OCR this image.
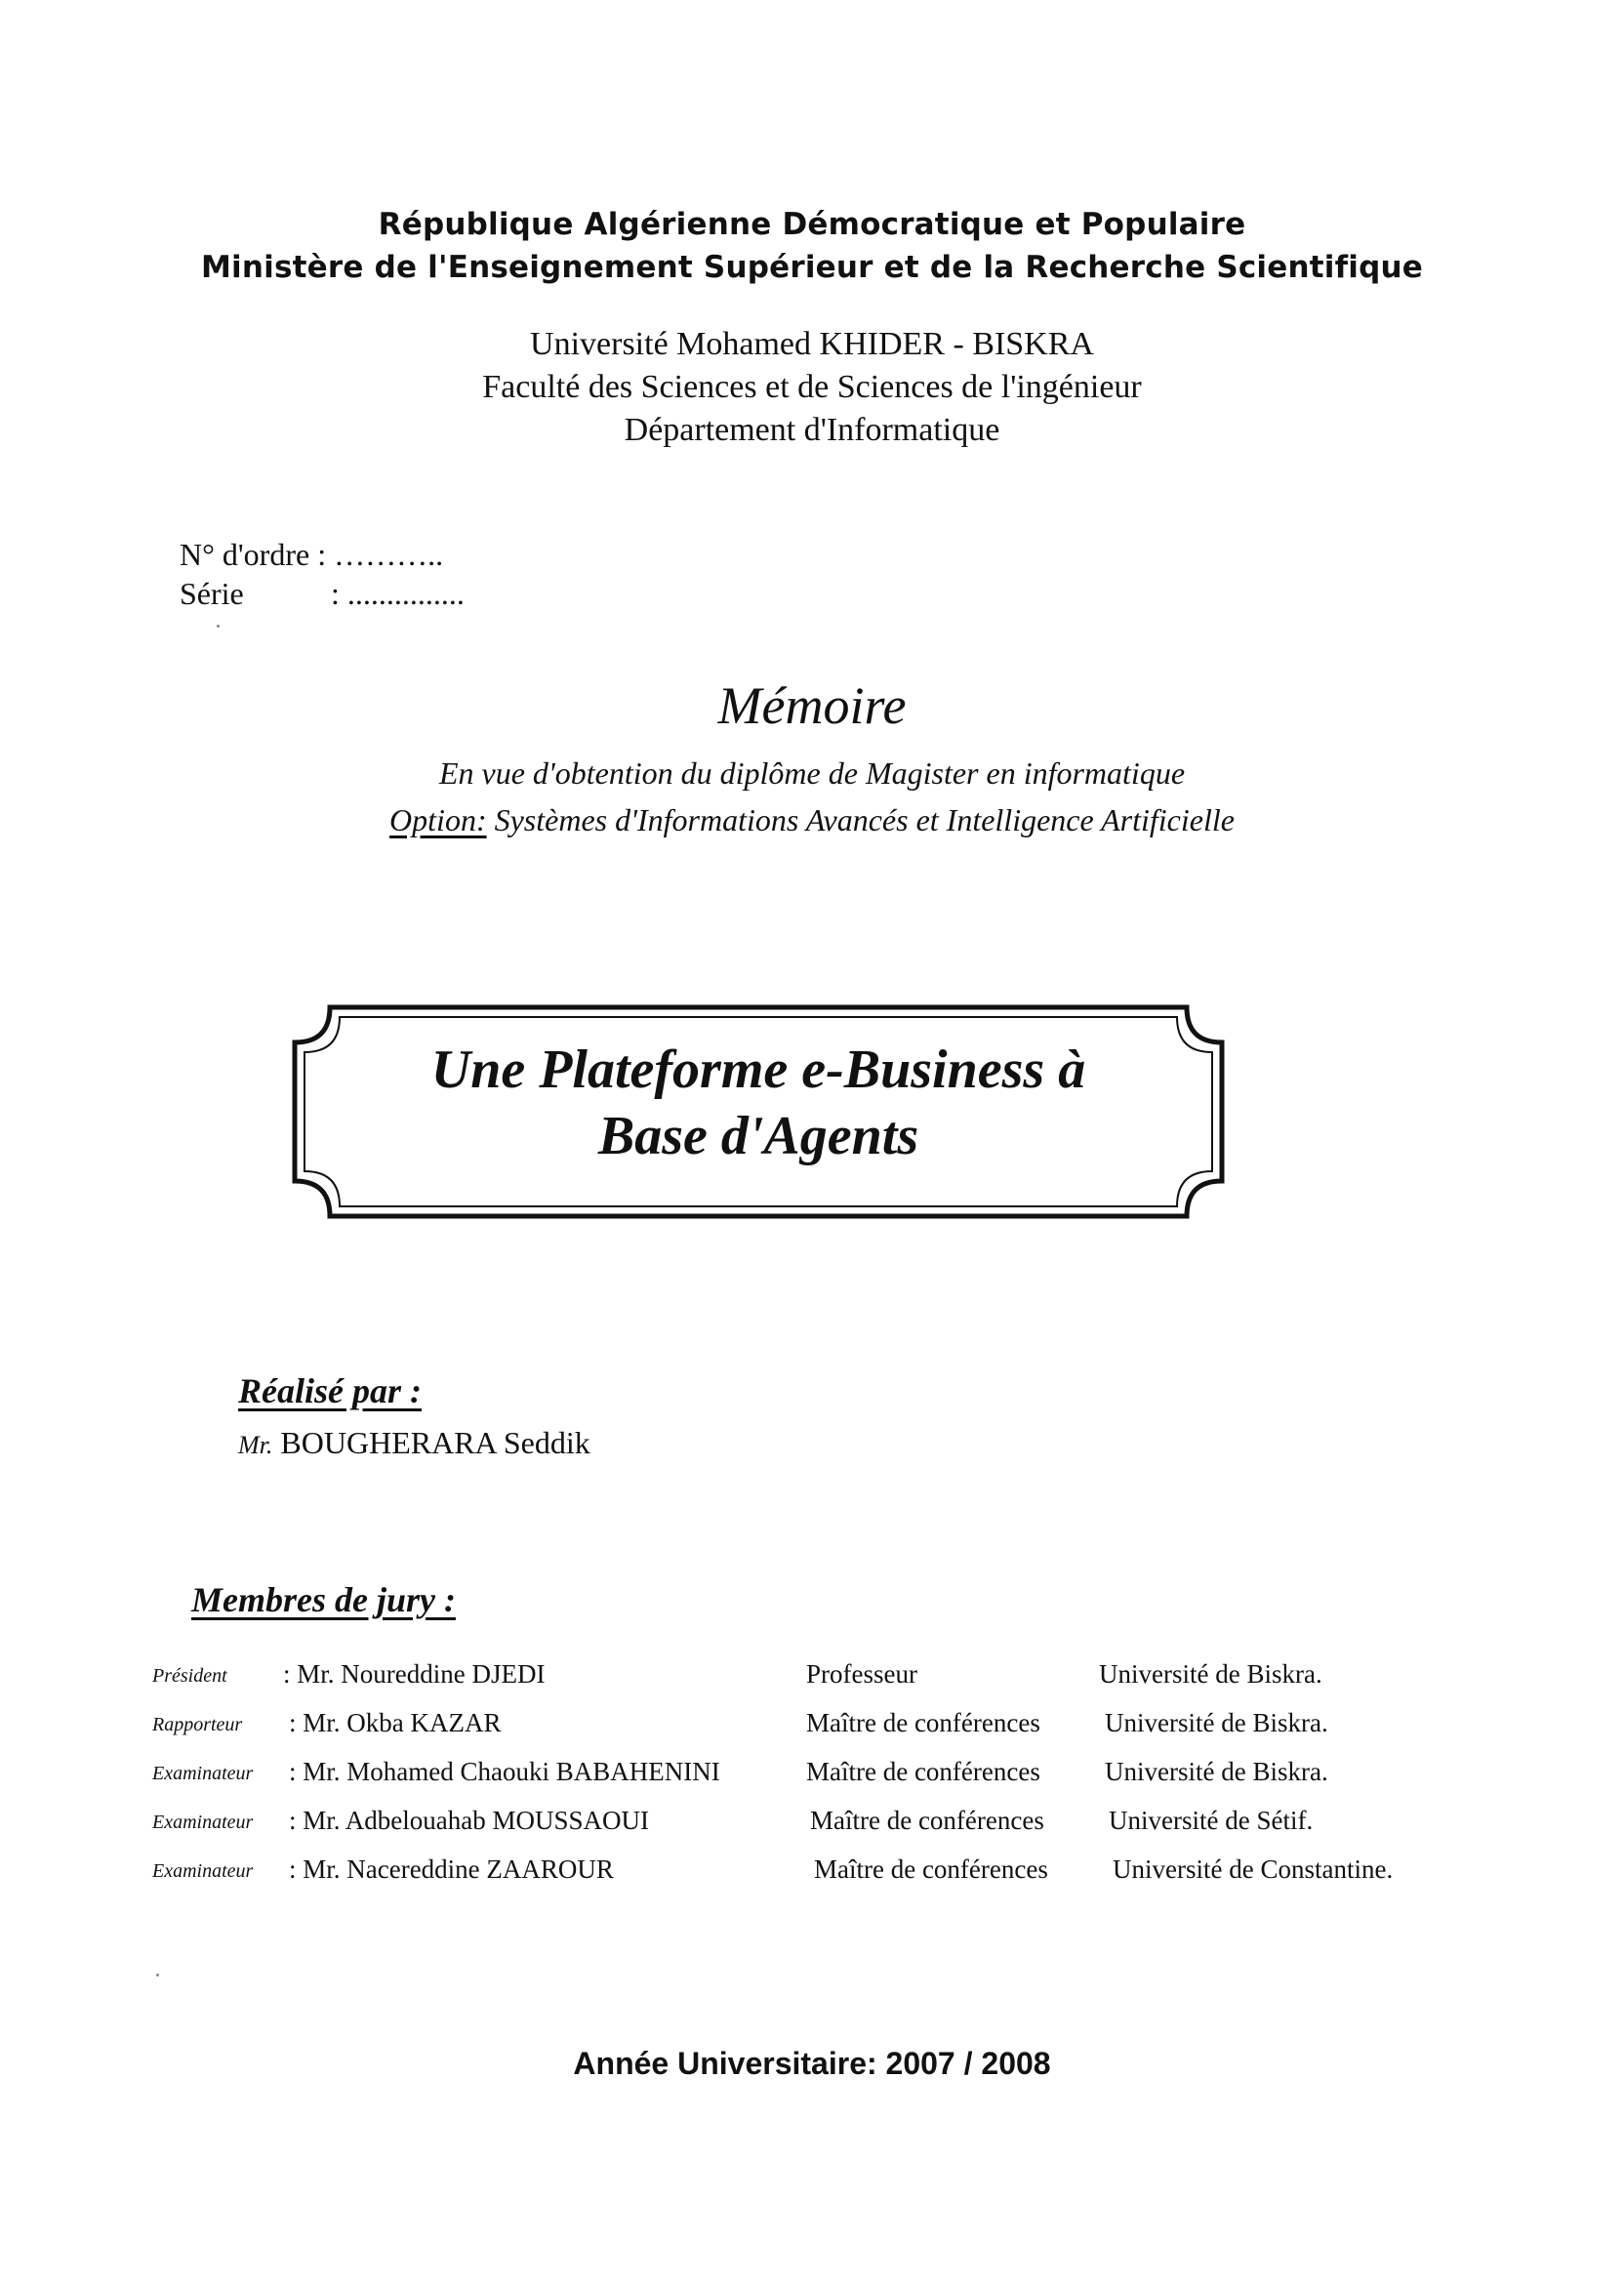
République Algérienne Démocratique et Populaire
Ministère de l'Enseignement Supérieur et de la Recherche Scientifique
Université Mohamed KHIDER - BISKRA
Faculté des Sciences et de Sciences de l'ingénieur
Département d'Informatique
N° d'ordre : ………..
Série	: ...............
Mémoire
En vue d'obtention du diplôme de Magister en informatique
Option: Systèmes d'Informations Avancés et Intelligence Artificielle
Une Plateforme e-Business à
Base d'Agents
Réalisé par :
Mr. BOUGHERARA Seddik
Membres de jury :
Président : Mr. Noureddine DJEDI	Professeur	Université de Biskra.
Rapporteur : Mr. Okba KAZAR	Maître de conférences Université de Biskra.
Examinateur : Mr. Mohamed Chaouki BABAHENINI	Maître de conférences Université de Biskra.
Examinateur : Mr. Adbelouahab MOUSSAOUI	Maître de conférences Université de Sétif.
Examinateur : Mr. Nacereddine ZAAROUR	Maître de conférences Université de Constantine.
Année Universitaire: 2007 / 2008
